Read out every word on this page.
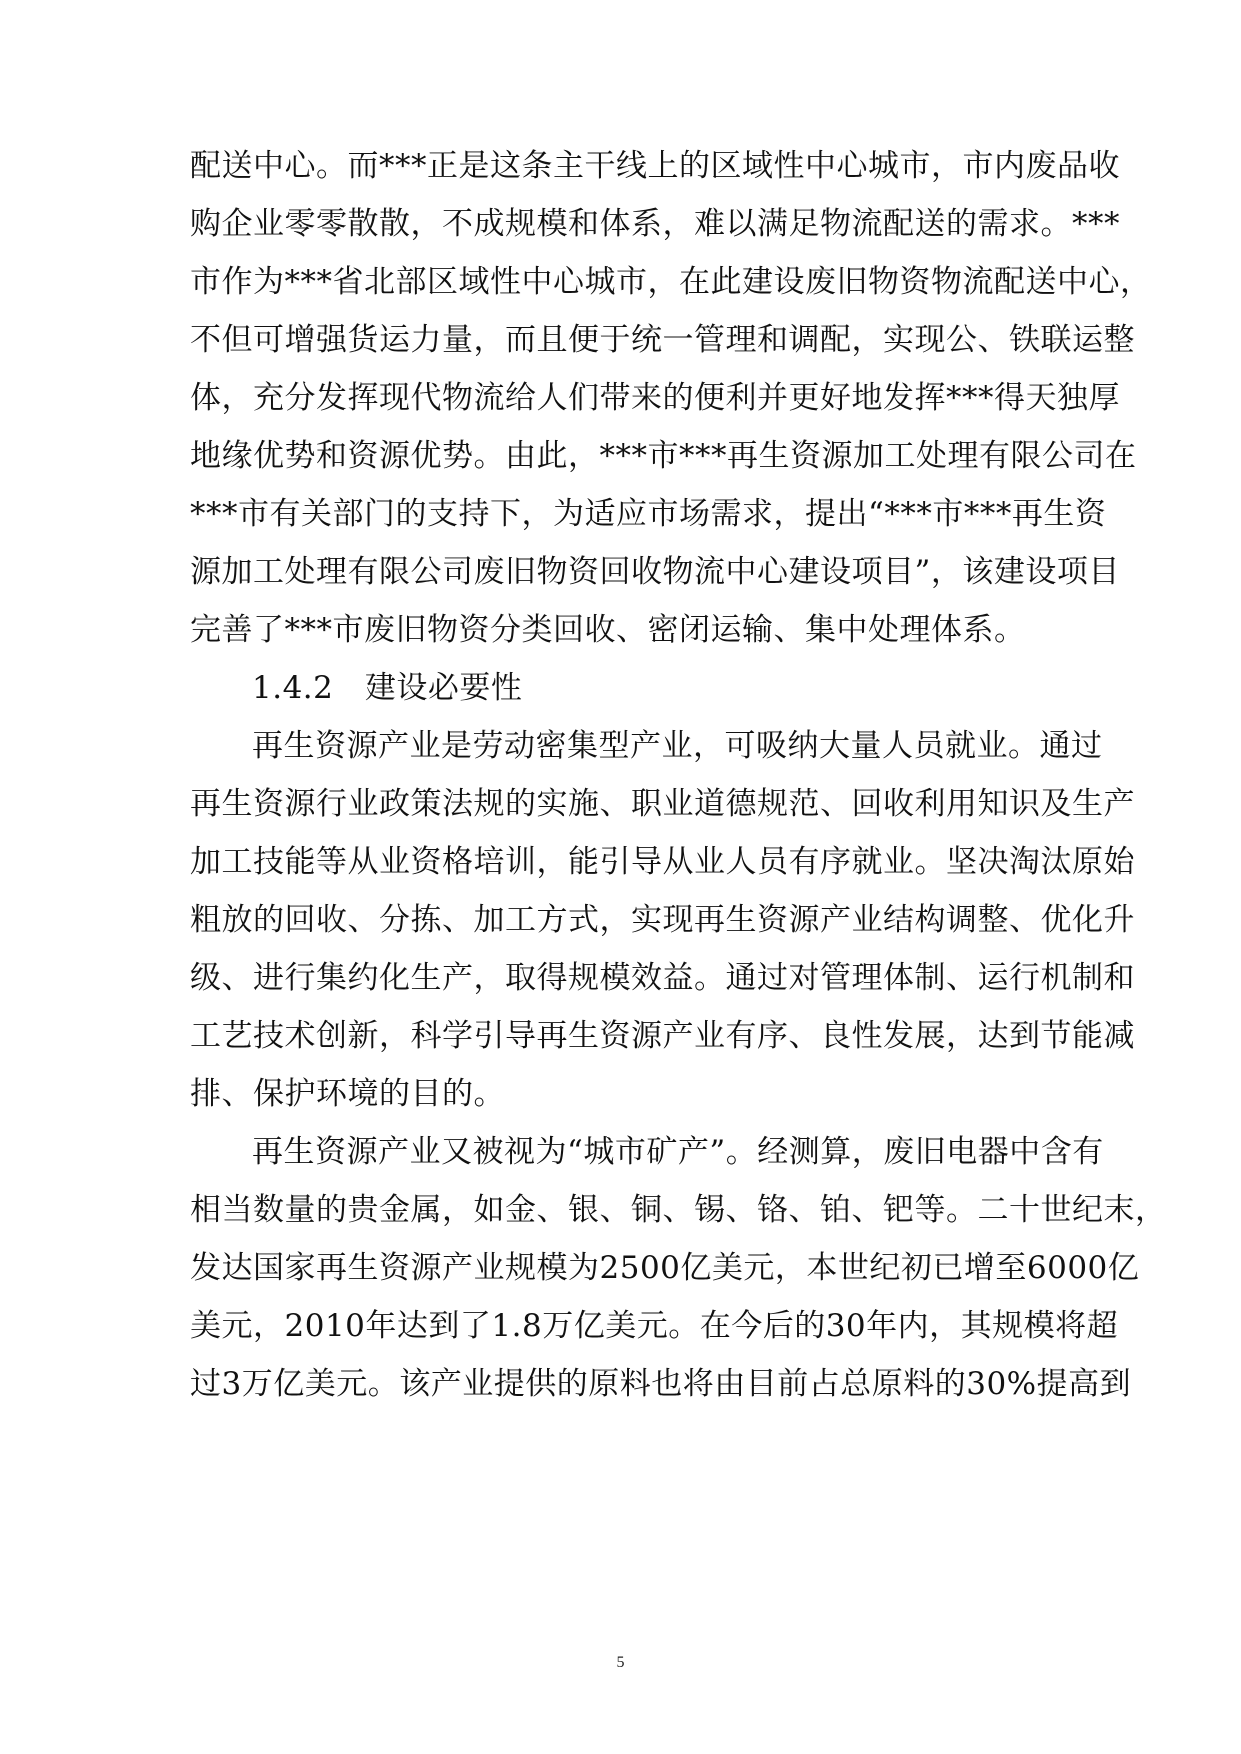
配送中心。而***正是这条主干线上的区域性中心城市，市内废品收
购企业零零散散，不成规模和体系，难以满足物流配送的需求。***
市作为***省北部区域性中心城市，在此建设废旧物资物流配送中心，
不但可增强货运力量，而且便于统一管理和调配，实现公、铁联运整
体，充分发挥现代物流给人们带来的便利并更好地发挥***得天独厚
地缘优势和资源优势。由此，***市***再生资源加工处理有限公司在
***市有关部门的支持下，为适应市场需求，提出“***市***再生资
源加工处理有限公司废旧物资回收物流中心建设项目”，该建设项目
完善了***市废旧物资分类回收、密闭运输、集中处理体系。
1.4.2　建设必要性
再生资源产业是劳动密集型产业，可吸纳大量人员就业。通过
再生资源行业政策法规的实施、职业道德规范、回收利用知识及生产
加工技能等从业资格培训，能引导从业人员有序就业。坚决淘汰原始
粗放的回收、分拣、加工方式，实现再生资源产业结构调整、优化升
级、进行集约化生产，取得规模效益。通过对管理体制、运行机制和
工艺技术创新，科学引导再生资源产业有序、良性发展，达到节能减
排、保护环境的目的。
再生资源产业又被视为“城市矿产”。经测算，废旧电器中含有
相当数量的贵金属，如金、银、铜、锡、铬、铂、钯等。二十世纪末，
发达国家再生资源产业规模为2500亿美元，本世纪初已增至6000亿
美元，2010年达到了1.8万亿美元。在今后的30年内，其规模将超
过3万亿美元。该产业提供的原料也将由目前占总原料的30%提高到
5
